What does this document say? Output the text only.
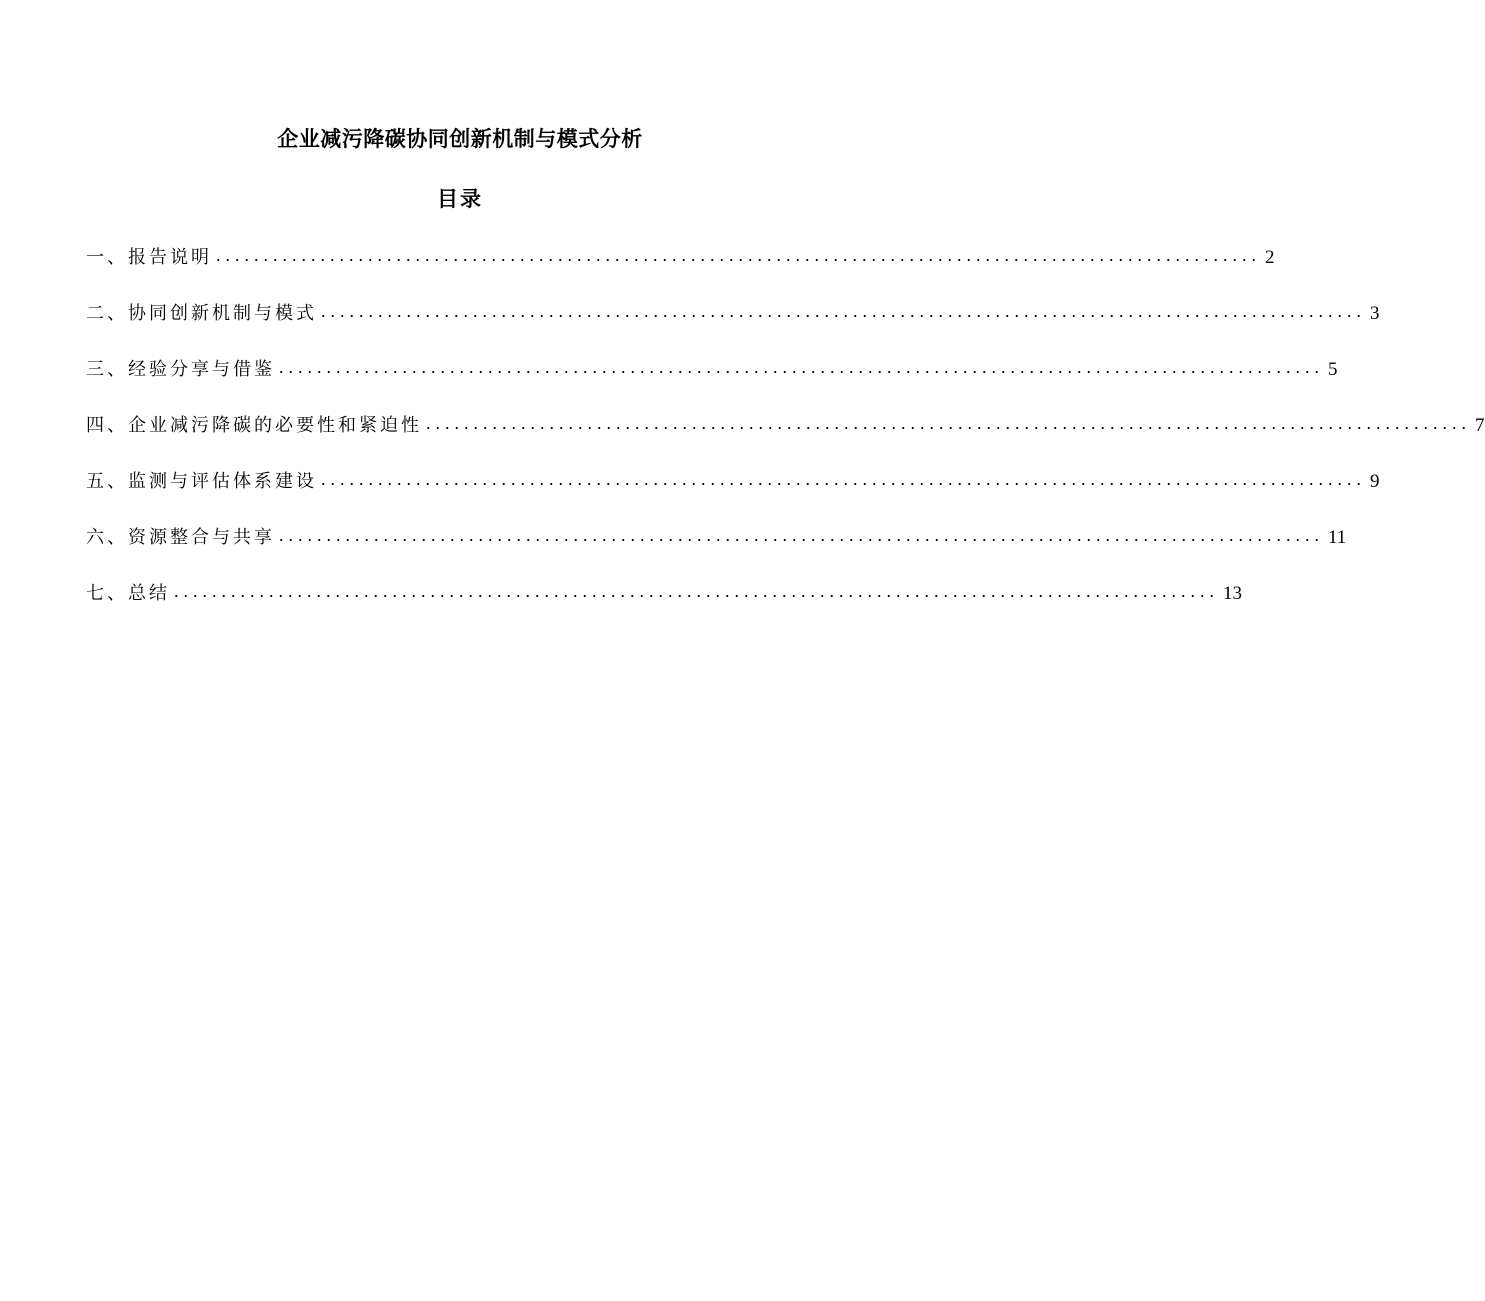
企业减污降碳协同创新机制与模式分析
目录
一、报告说明 .............................................................................................................. 2
二、协同创新机制与模式 .............................................................................................................. 3
三、经验分享与借鉴 .............................................................................................................. 5
四、企业减污降碳的必要性和紧迫性 .............................................................................................................. 7
五、监测与评估体系建设 .............................................................................................................. 9
六、资源整合与共享 .............................................................................................................. 11
七、总结 .............................................................................................................. 13
